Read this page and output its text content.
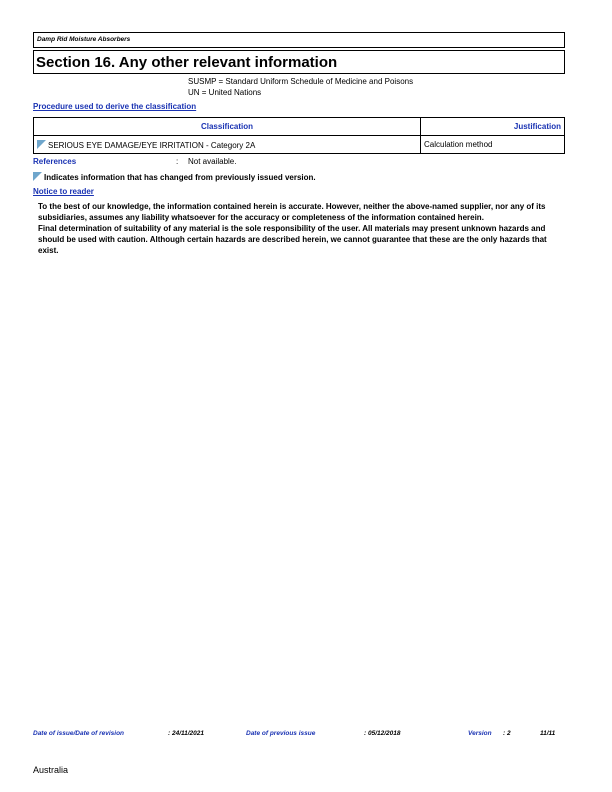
Damp Rid Moisture Absorbers
Section 16. Any other relevant information
SUSMP = Standard Uniform Schedule of Medicine and Poisons
UN = United Nations
Procedure used to derive the classification
Classification	Justification
SERIOUS EYE DAMAGE/EYE IRRITATION - Category 2A	Calculation method
References	: Not available.
Indicates information that has changed from previously issued version.
Notice to reader

To the best of our knowledge, the information contained herein is accurate. However, neither the above-named supplier, nor any of its subsidiaries, assumes any liability whatsoever for the accuracy or completeness of the information contained herein.

Final determination of suitability of any material is the sole responsibility of the user. All materials may present unknown hazards and should be used with caution. Although certain hazards are described herein, we cannot guarantee that these are the only hazards that exist.

Date of issue/Date of revision	: 24/11/2021	Date of previous issue	: 05/12/2018	Version : 2	11/11
Australia
